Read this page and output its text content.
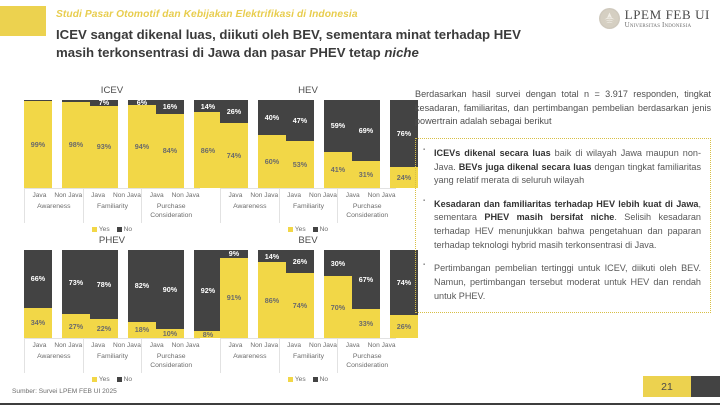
Studi Pasar Otomotif dan Kebijakan Elektrifikasi di Indonesia
ICEV sangat dikenal luas, diikuti oleh BEV, sementara minat terhadap HEV
masih terkonsentrasi di Jawa dan pasar PHEV tetap niche
LPEM FEB UI
Universitas Indonesia
ICEV
99%	98%
7%
93%
6%
94%
16%
84%
14%
86%
Java	Non Java
Awareness
Java	Non Java
Familiarity
Java	Non Java
Purchase Consideration
Yes No
HEV
26%
74%
40%
60%
47%
53%
59%
41%
69%
31%
76%
24%
Java	Non Java
Awareness
Java	Non Java
Familiarity
Java	Non Java
Purchase Consideration
Yes No
PHEV
66%
34%
73%
27%
78%
22%
82%
18%
90%
10%
92%
8%
Java	Non Java
Awareness
Java	Non Java
Familiarity
Java	Non Java
Purchase Consideration
Yes No
BEV
9%
91%
14%
86%
26%
74%
30%
70%
67%
33%
74%
26%
Java	Non Java
Awareness
Java	Non Java
Familiarity
Java	Non Java
Purchase Consideration
Yes No
Berdasarkan hasil survei dengan total n = 3.917 responden, tingkat kesadaran, familiaritas, dan pertimbangan pembelian berdasarkan jenis powertrain adalah sebagai berikut
▪ ICEVs dikenal secara luas baik di wilayah Jawa maupun non-Java. BEVs juga dikenal secara luas dengan tingkat familiaritas yang relatif merata di seluruh wilayah
▪ Kesadaran dan familiaritas terhadap HEV lebih kuat di Jawa, sementara PHEV masih bersifat niche. Selisih kesadaran terhadap HEV menunjukkan bahwa pengetahuan dan paparan terhadap teknologi hybrid masih terkonsentrasi di Java.
▪ Pertimbangan pembelian tertinggi untuk ICEV, diikuti oleh BEV. Namun, pertimbangan tersebut moderat untuk HEV dan rendah untuk PHEV.
Sumber: Survei LPEM FEB UI 2025	21
